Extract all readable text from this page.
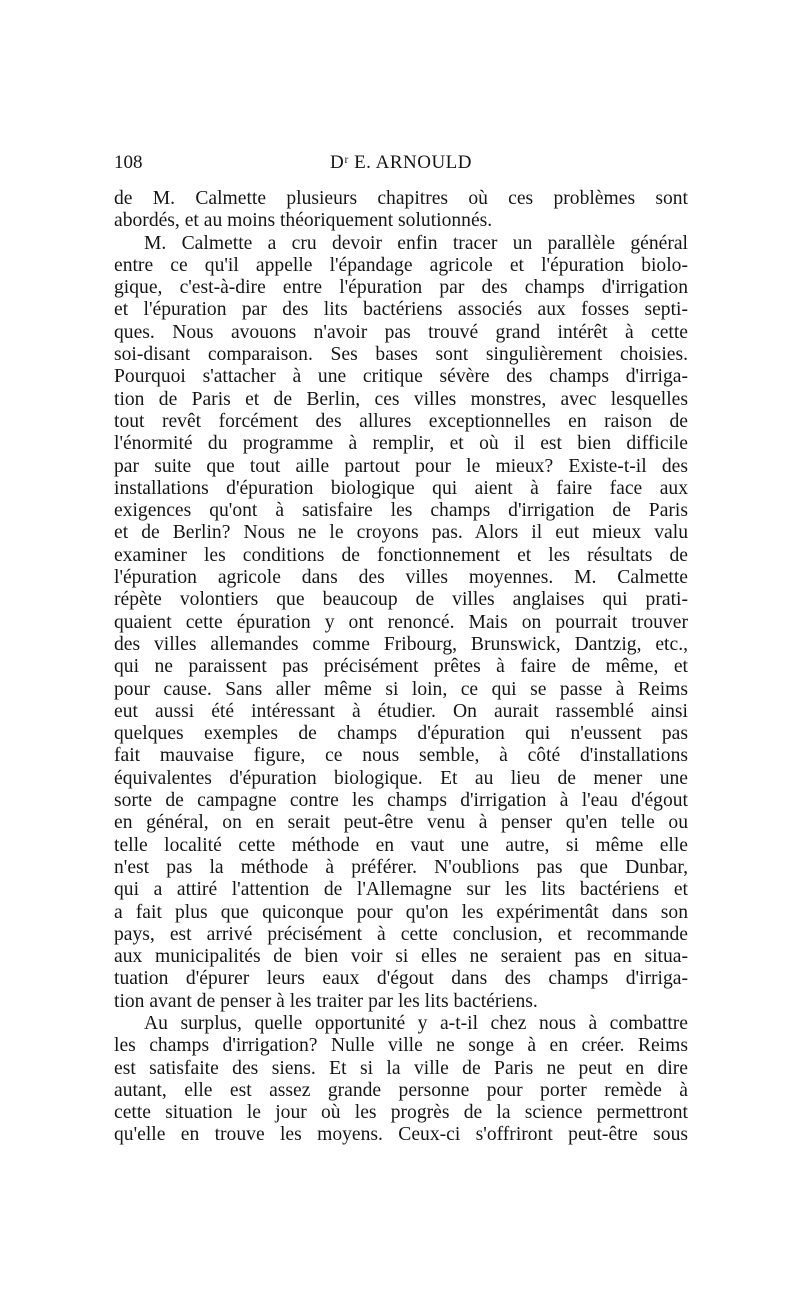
108	Dʳ E. ARNOULD
de M. Calmette plusieurs chapitres où ces problèmes sont
abordés, et au moins théoriquement solutionnés.
M. Calmette a cru devoir enfin tracer un parallèle général
entre ce qu'il appelle l'épandage agricole et l'épuration biolo-
gique, c'est-à-dire entre l'épuration par des champs d'irrigation
et l'épuration par des lits bactériens associés aux fosses septi-
ques. Nous avouons n'avoir pas trouvé grand intérêt à cette
soi-disant comparaison. Ses bases sont singulièrement choisies.
Pourquoi s'attacher à une critique sévère des champs d'irriga-
tion de Paris et de Berlin, ces villes monstres, avec lesquelles
tout revêt forcément des allures exceptionnelles en raison de
l'énormité du programme à remplir, et où il est bien difficile
par suite que tout aille partout pour le mieux? Existe-t-il des
installations d'épuration biologique qui aient à faire face aux
exigences qu'ont à satisfaire les champs d'irrigation de Paris
et de Berlin? Nous ne le croyons pas. Alors il eut mieux valu
examiner les conditions de fonctionnement et les résultats de
l'épuration agricole dans des villes moyennes. M. Calmette
répète volontiers que beaucoup de villes anglaises qui prati-
quaient cette épuration y ont renoncé. Mais on pourrait trouver
des villes allemandes comme Fribourg, Brunswick, Dantzig, etc.,
qui ne paraissent pas précisément prêtes à faire de même, et
pour cause. Sans aller même si loin, ce qui se passe à Reims
eut aussi été intéressant à étudier. On aurait rassemblé ainsi
quelques exemples de champs d'épuration qui n'eussent pas
fait mauvaise figure, ce nous semble, à côté d'installations
équivalentes d'épuration biologique. Et au lieu de mener une
sorte de campagne contre les champs d'irrigation à l'eau d'égout
en général, on en serait peut-être venu à penser qu'en telle ou
telle localité cette méthode en vaut une autre, si même elle
n'est pas la méthode à préférer. N'oublions pas que Dunbar,
qui a attiré l'attention de l'Allemagne sur les lits bactériens et
a fait plus que quiconque pour qu'on les expérimentât dans son
pays, est arrivé précisément à cette conclusion, et recommande
aux municipalités de bien voir si elles ne seraient pas en situa-
tuation d'épurer leurs eaux d'égout dans des champs d'irriga-
tion avant de penser à les traiter par les lits bactériens.
Au surplus, quelle opportunité y a-t-il chez nous à combattre
les champs d'irrigation? Nulle ville ne songe à en créer. Reims
est satisfaite des siens. Et si la ville de Paris ne peut en dire
autant, elle est assez grande personne pour porter remède à
cette situation le jour où les progrès de la science permettront
qu'elle en trouve les moyens. Ceux-ci s'offriront peut-être sous
